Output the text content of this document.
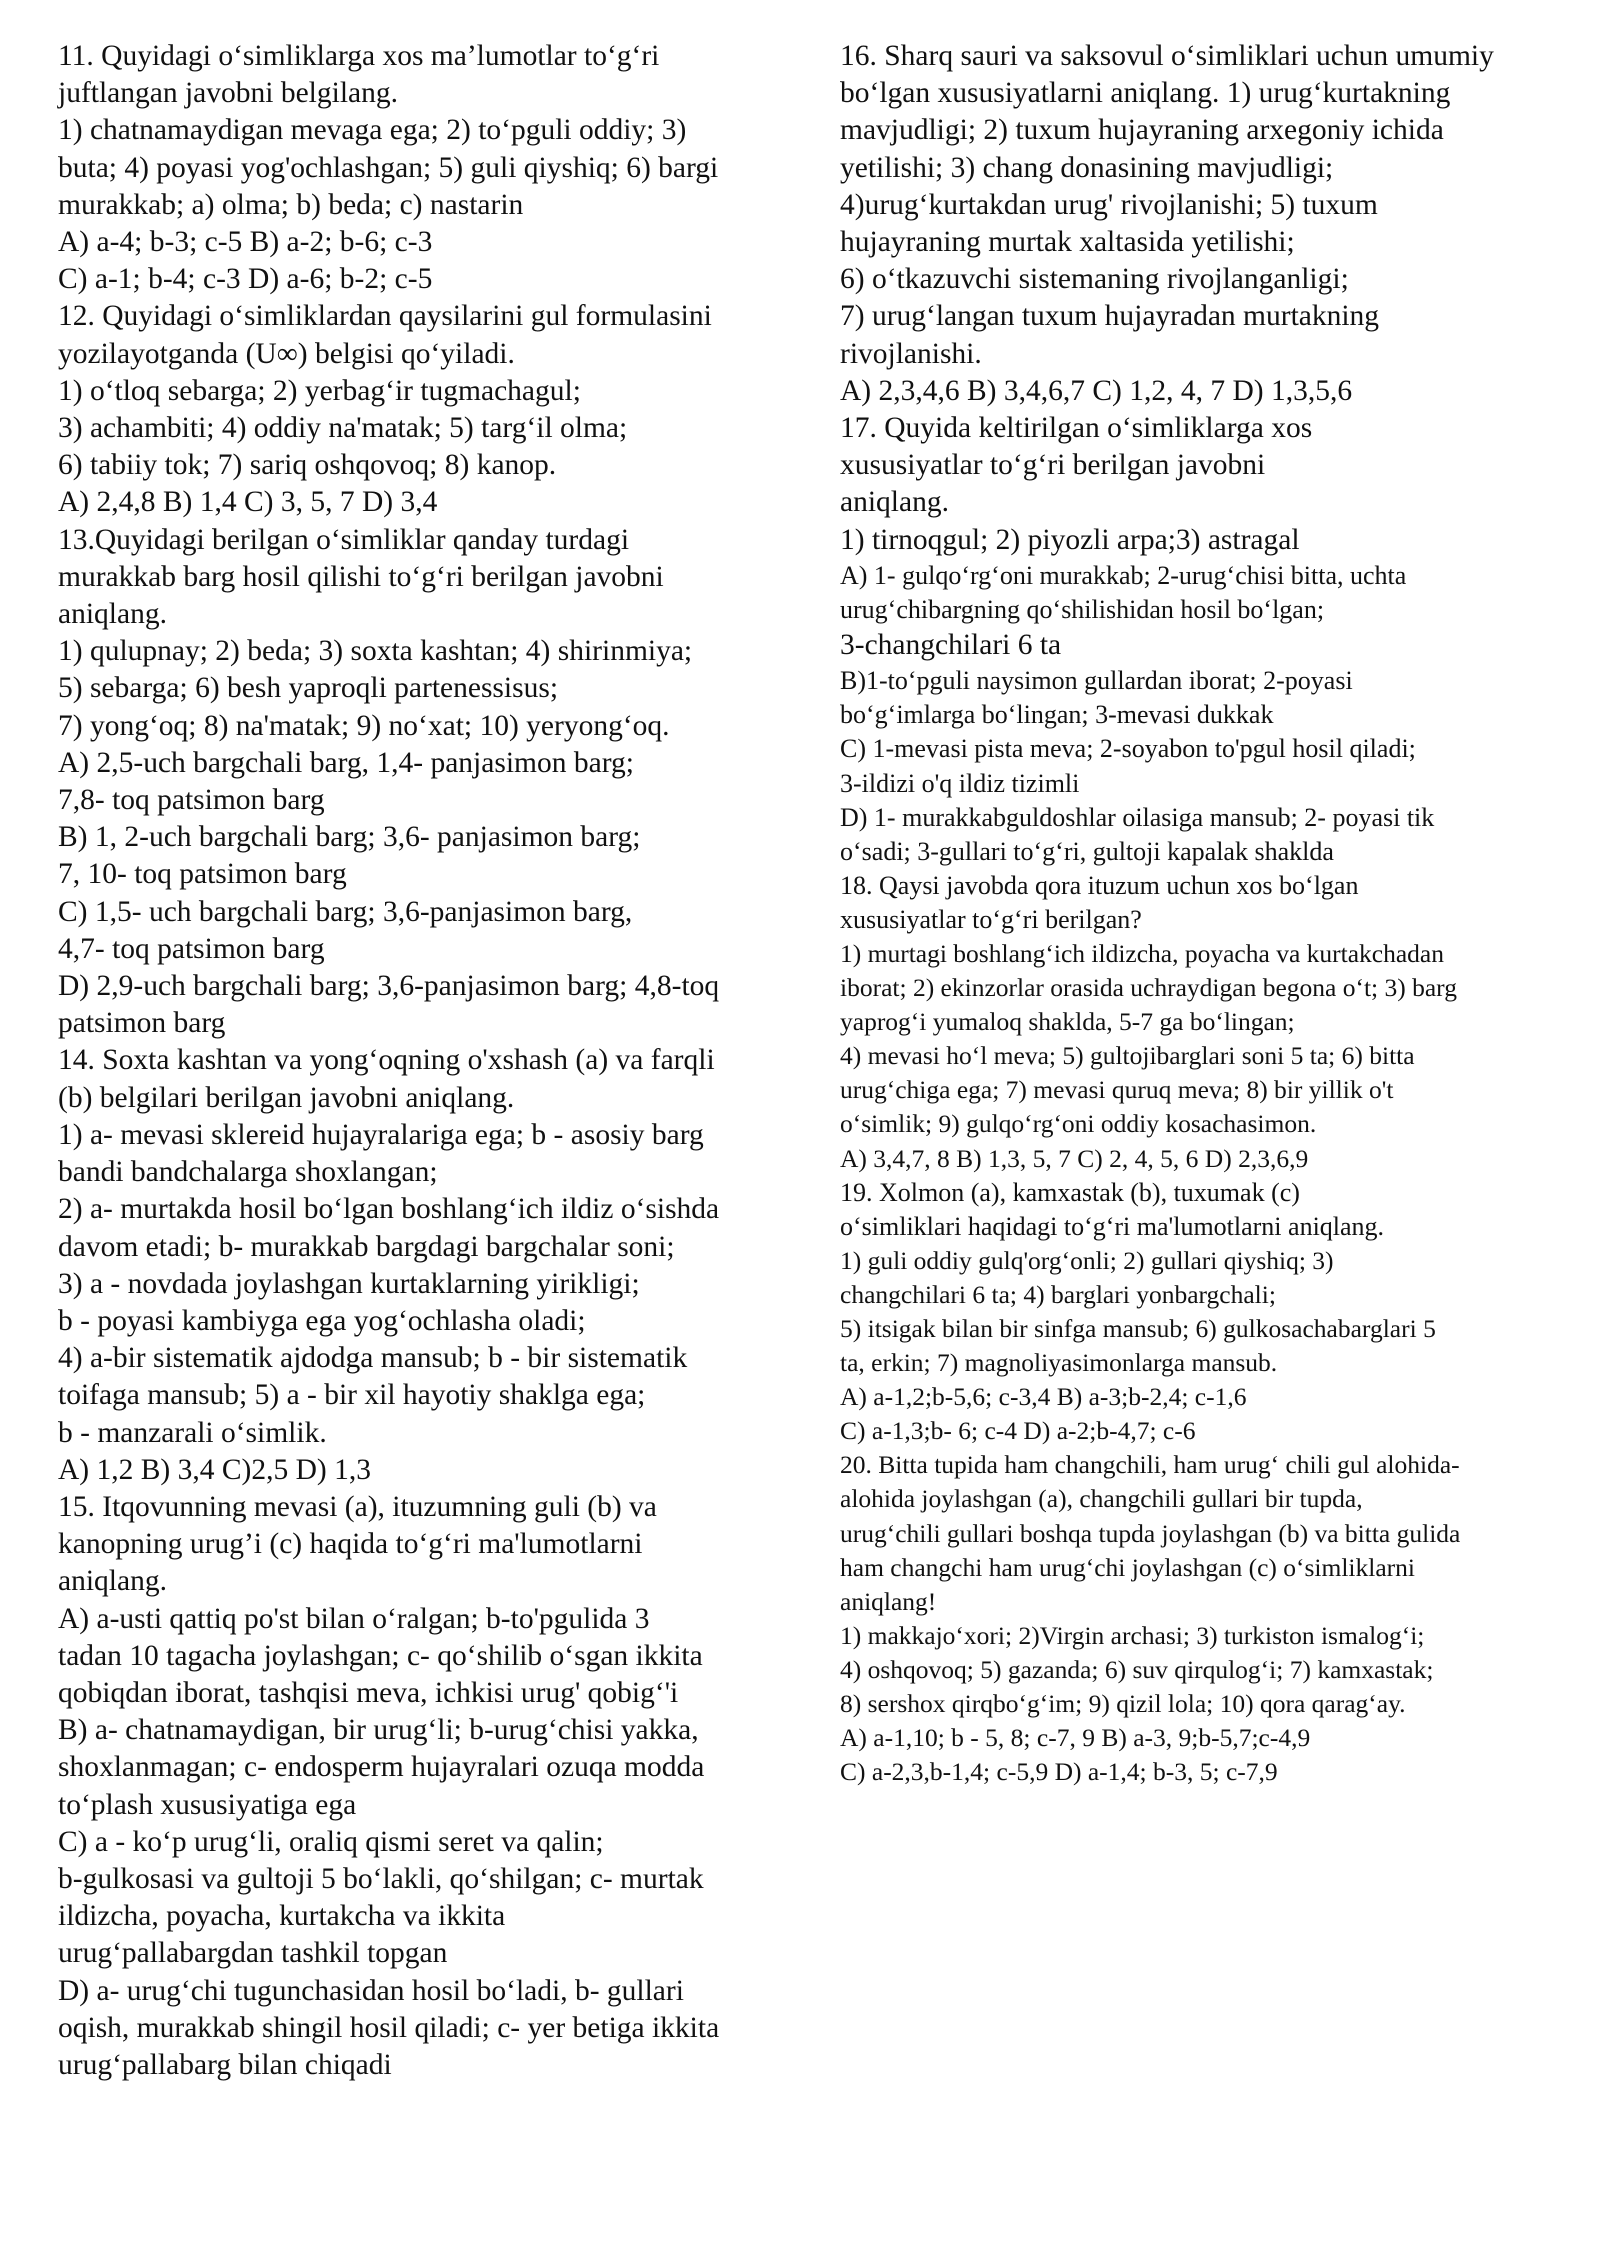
11. Quyidagi o‘simliklarga xos ma’lumotlar to‘g‘ri
juftlangan javobni belgilang.
1) chatnamaydigan mevaga ega; 2) to‘pguli oddiy; 3)
buta; 4) poyasi yog'ochlashgan; 5) guli qiyshiq; 6) bargi
murakkab; a) olma; b) beda; c) nastarin
A) a-4; b-3; c-5 B) a-2; b-6; c-3
C) a-1; b-4; c-3 D) a-6; b-2; c-5
12. Quyidagi o‘simliklardan qaysilarini gul formulasini
yozilayotganda (U∞) belgisi qo‘yiladi.
1) o‘tloq sebarga; 2) yerbag‘ir tugmachagul;
3) achambiti; 4) oddiy na'matak; 5) targ‘il olma;
6) tabiiy tok; 7) sariq oshqovoq; 8) kanop.
A) 2,4,8 B) 1,4 C) 3, 5, 7 D) 3,4
13.Quyidagi berilgan o‘simliklar qanday turdagi
murakkab barg hosil qilishi to‘g‘ri berilgan javobni
aniqlang.
1) qulupnay; 2) beda; 3) soxta kashtan; 4) shirinmiya;
5) sebarga; 6) besh yaproqli partenessisus;
7) yong‘oq; 8) na'matak; 9) no‘xat; 10) yeryong‘oq.
A) 2,5-uch bargchali barg, 1,4- panjasimon barg;
7,8- toq patsimon barg
B) 1, 2-uch bargchali barg; 3,6- panjasimon barg;
7, 10- toq patsimon barg
C) 1,5- uch bargchali barg; 3,6-panjasimon barg,
4,7- toq patsimon barg
D) 2,9-uch bargchali barg; 3,6-panjasimon barg; 4,8-toq
patsimon barg
14. Soxta kashtan va yong‘oqning o'xshash (a) va farqli
(b) belgilari berilgan javobni aniqlang.
1) a- mevasi sklereid hujayralariga ega; b - asosiy barg
bandi bandchalarga shoxlangan;
2) a- murtakda hosil bo‘lgan boshlang‘ich ildiz o‘sishda
davom etadi; b- murakkab bargdagi bargchalar soni;
3) a - novdada joylashgan kurtaklarning yirikligi;
b - poyasi kambiyga ega yog‘ochlasha oladi;
4) a-bir sistematik ajdodga mansub; b - bir sistematik
toifaga mansub; 5) a - bir xil hayotiy shaklga ega;
b - manzarali o‘simlik.
A) 1,2 B) 3,4 C)2,5 D) 1,3
15. Itqovunning mevasi (a), ituzumning guli (b) va
kanopning urug’i (c) haqida to‘g‘ri ma'lumotlarni
aniqlang.
A) a-usti qattiq po'st bilan o‘ralgan; b-to'pgulida 3
tadan 10 tagacha joylashgan; c- qo‘shilib o‘sgan ikkita
qobiqdan iborat, tashqisi meva, ichkisi urug' qobig‘'i
B) a- chatnamaydigan, bir urug‘li; b-urug‘chisi yakka,
shoxlanmagan; c- endosperm hujayralari ozuqa modda
to‘plash xususiyatiga ega
C) a - ko‘p urug‘li, oraliq qismi seret va qalin;
b-gulkosasi va gultoji 5 bo‘lakli, qo‘shilgan; c- murtak
ildizcha, poyacha, kurtakcha va ikkita
urug‘pallabargdan tashkil topgan
D) a- urug‘chi tugunchasidan hosil bo‘ladi, b- gullari
oqish, murakkab shingil hosil qiladi; c- yer betiga ikkita
urug‘pallabarg bilan chiqadi
16. Sharq sauri va saksovul o‘simliklari uchun umumiy
bo‘lgan xususiyatlarni aniqlang. 1) urug‘kurtakning
mavjudligi; 2) tuxum hujayraning arxegoniy ichida
yetilishi; 3) chang donasining mavjudligi;
4)urug‘kurtakdan urug' rivojlanishi; 5) tuxum
hujayraning murtak xaltasida yetilishi;
6) o‘tkazuvchi sistemaning rivojlanganligi;
7) urug‘langan tuxum hujayradan murtakning
rivojlanishi.
A) 2,3,4,6 B) 3,4,6,7 C) 1,2, 4, 7 D) 1,3,5,6
17. Quyida keltirilgan o‘simliklarga xos
xususiyatlar to‘g‘ri berilgan javobni
aniqlang.
1) tirnoqgul; 2) piyozli arpa;3) astragal
A) 1- gulqo‘rg‘oni murakkab; 2-urug‘chisi bitta, uchta
urug‘chibargning qo‘shilishidan hosil bo‘lgan;
3-changchilari 6 ta
B)1-to‘pguli naysimon gullardan iborat; 2-poyasi
bo‘g‘imlarga bo‘lingan; 3-mevasi dukkak
C) 1-mevasi pista meva; 2-soyabon to'pgul hosil qiladi;
3-ildizi o'q ildiz tizimli
D) 1- murakkabguldoshlar oilasiga mansub; 2- poyasi tik
o‘sadi; 3-gullari to‘g‘ri, gultoji kapalak shaklda
18. Qaysi javobda qora ituzum uchun xos bo‘lgan
xususiyatlar to‘g‘ri berilgan?
1) murtagi boshlang‘ich ildizcha, poyacha va kurtakchadan
iborat; 2) ekinzorlar orasida uchraydigan begona o‘t; 3) barg
yaprog‘i yumaloq shaklda, 5-7 ga bo‘lingan;
4) mevasi ho‘l meva; 5) gultojibarglari soni 5 ta; 6) bitta
urug‘chiga ega; 7) mevasi quruq meva; 8) bir yillik o't
o‘simlik; 9) gulqo‘rg‘oni oddiy kosachasimon.
A) 3,4,7, 8 B) 1,3, 5, 7 C) 2, 4, 5, 6 D) 2,3,6,9
19. Xolmon (a), kamxastak (b), tuxumak (c)
o‘simliklari haqidagi to‘g‘ri ma'lumotlarni aniqlang.
1) guli oddiy gulq'org‘onli; 2) gullari qiyshiq; 3)
changchilari 6 ta; 4) barglari yonbargchali;
5) itsigak bilan bir sinfga mansub; 6) gulkosachabarglari 5
ta, erkin; 7) magnoliyasimonlarga mansub.
A) a-1,2;b-5,6; c-3,4 B) a-3;b-2,4; c-1,6
C) a-1,3;b- 6; c-4 D) a-2;b-4,7; c-6
20. Bitta tupida ham changchili, ham urug‘ chili gul alohida-
alohida joylashgan (a), changchili gullari bir tupda,
urug‘chili gullari boshqa tupda joylashgan (b) va bitta gulida
ham changchi ham urug‘chi joylashgan (c) o‘simliklarni
aniqlang!
1) makkajo‘xori; 2)Virgin archasi; 3) turkiston ismalog‘i;
4) oshqovoq; 5) gazanda; 6) suv qirqulog‘i; 7) kamxastak;
8) sershox qirqbo‘g‘im; 9) qizil lola; 10) qora qarag‘ay.
A) a-1,10; b - 5, 8; c-7, 9 B) a-3, 9;b-5,7;c-4,9
C) a-2,3,b-1,4; c-5,9 D) a-1,4; b-3, 5; c-7,9
